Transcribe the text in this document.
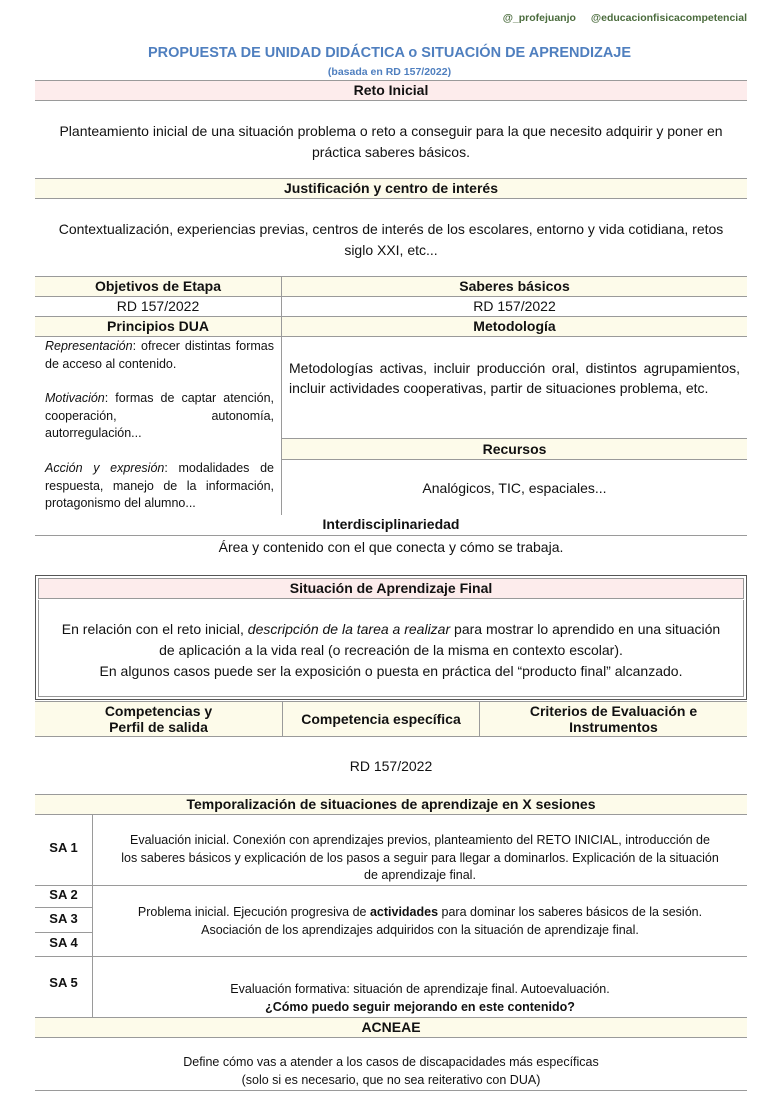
@_profejuanjo @educacionfisicacompetencial
PROPUESTA DE UNIDAD DIDÁCTICA o SITUACIÓN DE APRENDIZAJE
(basada en RD 157/2022)
Reto Inicial
Planteamiento inicial de una situación problema o reto a conseguir para la que necesito adquirir y poner en
práctica saberes básicos.
Justificación y centro de interés
Contextualización, experiencias previas, centros de interés de los escolares, entorno y vida cotidiana, retos
siglo XXI, etc...
Objetivos de Etapa	Saberes básicos
RD 157/2022	RD 157/2022
Principios DUA	Metodología
Representación: ofrecer distintas formas de acceso al contenido.
Motivación: formas de captar atención, cooperación, autonomía, autorregulación...
Acción y expresión: modalidades de respuesta, manejo de la información, protagonismo del alumno...
Metodologías activas, incluir producción oral, distintos agrupamientos, incluir actividades cooperativas, partir de situaciones problema, etc.
Recursos
Analógicos, TIC, espaciales...
Interdisciplinariedad
Área y contenido con el que conecta y cómo se trabaja.
Situación de Aprendizaje Final
En relación con el reto inicial, descripción de la tarea a realizar para mostrar lo aprendido en una situación
de aplicación a la vida real (o recreación de la misma en contexto escolar).
En algunos casos puede ser la exposición o puesta en práctica del “producto final” alcanzado.
Competencias y
Perfil de salida	Competencia específica	Criterios de Evaluación e
Instrumentos
RD 157/2022
Temporalización de situaciones de aprendizaje en X sesiones
SA 1	Evaluación inicial. Conexión con aprendizajes previos, planteamiento del RETO INICIAL, introducción de
los saberes básicos y explicación de los pasos a seguir para llegar a dominarlos. Explicación de la situación
de aprendizaje final.
SA 2
SA 3
SA 4
Problema inicial. Ejecución progresiva de actividades para dominar los saberes básicos de la sesión.
Asociación de los aprendizajes adquiridos con la situación de aprendizaje final.
SA 5	Evaluación formativa: situación de aprendizaje final. Autoevaluación.
¿Cómo puedo seguir mejorando en este contenido?
ACNEAE
Define cómo vas a atender a los casos de discapacidades más específicas
(solo si es necesario, que no sea reiterativo con DUA)
